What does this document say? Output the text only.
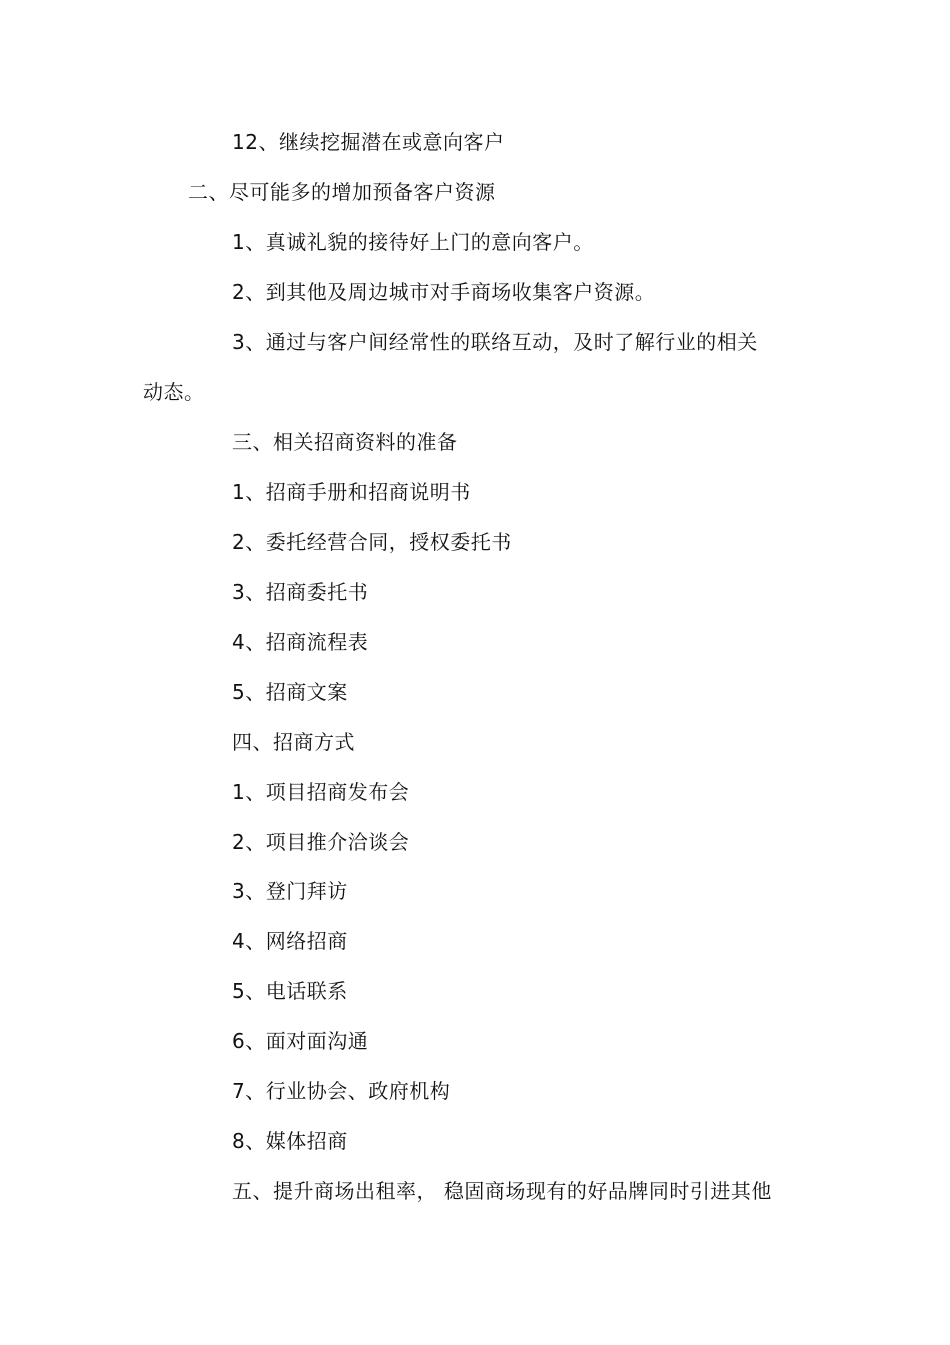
12、继续挖掘潜在或意向客户
二、尽可能多的增加预备客户资源
1、真诚礼貌的接待好上门的意向客户。
2、到其他及周边城市对手商场收集客户资源。
3、通过与客户间经常性的联络互动，及时了解行业的相关
动态。
三、相关招商资料的准备
1、招商手册和招商说明书
2、委托经营合同，授权委托书
3、招商委托书
4、招商流程表
5、招商文案
四、招商方式
1、项目招商发布会
2、项目推介洽谈会
3、登门拜访
4、网络招商
5、电话联系
6、面对面沟通
7、行业协会、政府机构
8、媒体招商
五、提升商场出租率， 稳固商场现有的好品牌同时引进其他
